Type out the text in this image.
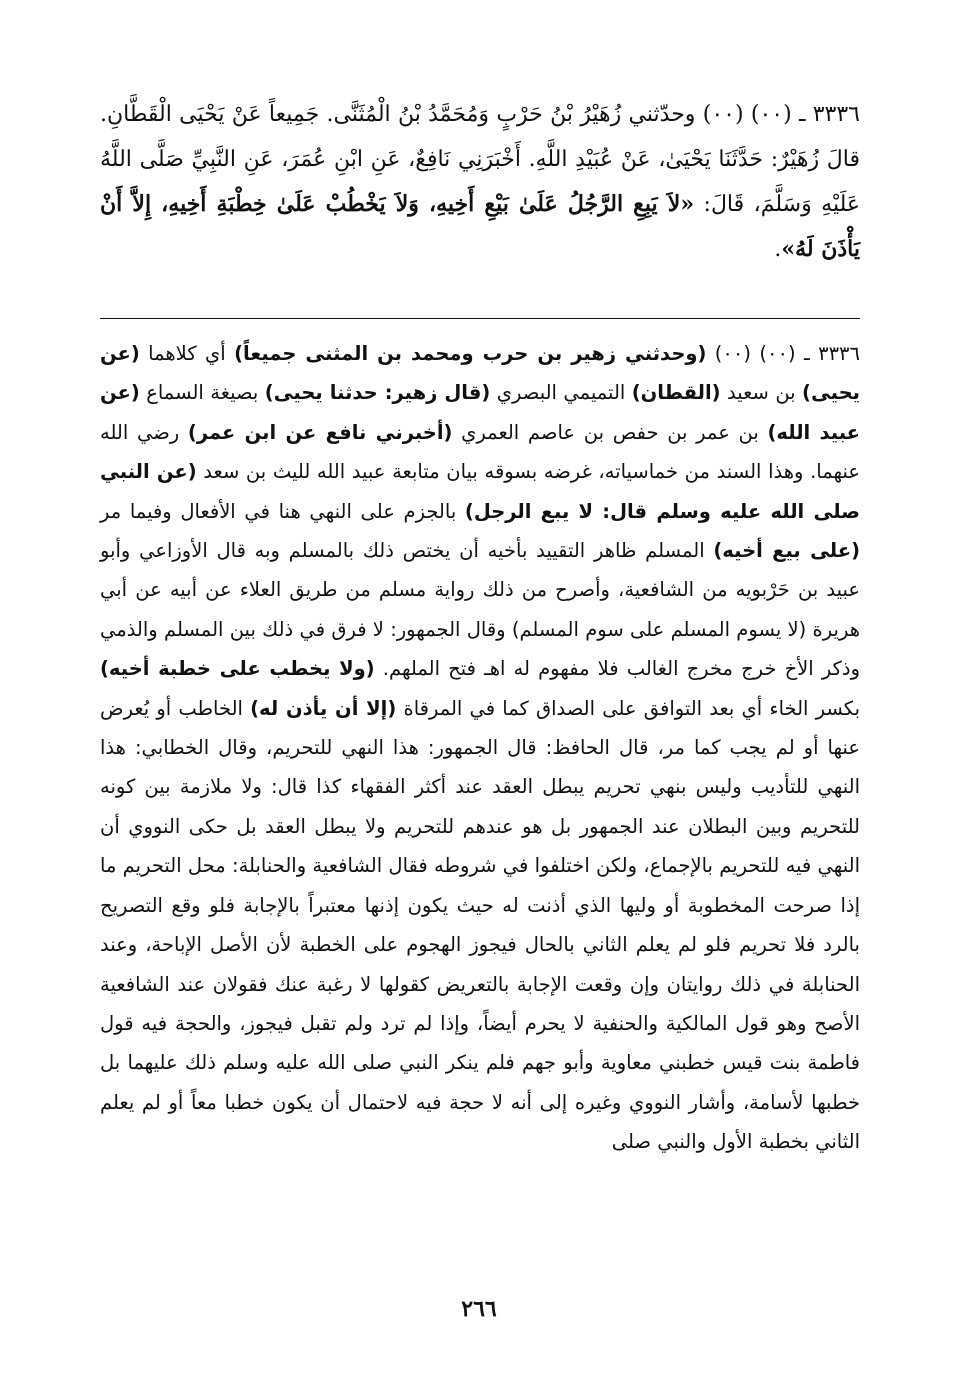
٣٣٣٦ ـ (٠٠) (٠٠) وحدّثني زُهَيْرُ بْنُ حَرْبٍ وَمُحَمَّدُ بْنُ الْمُثَنَّى. جَمِيعاً عَنْ يَحْيَى الْقَطَّانِ. قالَ زُهَيْرٌ: حَدَّثَنَا يَحْيَىٰ، عَنْ عُبَيْدِ اللَّهِ. أَخْبَرَنِي نَافِعٌ، عَنِ ابْنِ عُمَرَ، عَنِ النَّبِيِّ صَلَّى اللَّهُ عَلَيْهِ وَسَلَّمَ، قَالَ: «لاَ يَبِعِ الرَّجُلُ عَلَىٰ بَيْعِ أَخِيهِ، وَلاَ يَخْطُبْ عَلَىٰ خِطْبَةِ أَخِيهِ، إِلاَّ أَنْ يَأْذَنَ لَهُ».
٣٣٣٦ ـ (٠٠) (٠٠) (وحدثني زهير بن حرب ومحمد بن المثنى جميعاً) أي كلاهما (عن يحيى) بن سعيد (القطان) التميمي البصري (قال زهير: حدثنا يحيى) بصيغة السماع (عن عبيد الله) بن عمر بن حفص بن عاصم العمري (أخبرني نافع عن ابن عمر) رضي الله عنهما. وهذا السند من خماسياته، غرضه بسوقه بيان متابعة عبيد الله لليث بن سعد (عن النبي صلى الله عليه وسلم قال: لا يبع الرجل) بالجزم على النهي هنا في الأفعال وفيما مر (على بيع أخيه) المسلم ظاهر التقييد بأخيه أن يختص ذلك بالمسلم وبه قال الأوزاعي وأبو عبيد بن حَرْبويه من الشافعية، وأصرح من ذلك رواية مسلم من طريق العلاء عن أبيه عن أبي هريرة (لا يسوم المسلم على سوم المسلم) وقال الجمهور: لا فرق في ذلك بين المسلم والذمي وذكر الأخ خرج مخرج الغالب فلا مفهوم له اهـ فتح الملهم. (ولا يخطب على خطبة أخيه) بكسر الخاء أي بعد التوافق على الصداق كما في المرقاة (إلا أن يأذن له) الخاطب أو يُعرض عنها أو لم يجب كما مر، قال الحافظ: قال الجمهور: هذا النهي للتحريم، وقال الخطابي: هذا النهي للتأديب وليس بنهي تحريم يبطل العقد عند أكثر الفقهاء كذا قال: ولا ملازمة بين كونه للتحريم وبين البطلان عند الجمهور بل هو عندهم للتحريم ولا يبطل العقد بل حكى النووي أن النهي فيه للتحريم بالإجماع، ولكن اختلفوا في شروطه فقال الشافعية والحنابلة: محل التحريم ما إذا صرحت المخطوبة أو وليها الذي أذنت له حيث يكون إذنها معتبراً بالإجابة فلو وقع التصريح بالرد فلا تحريم فلو لم يعلم الثاني بالحال فيجوز الهجوم على الخطبة لأن الأصل الإباحة، وعند الحنابلة في ذلك روايتان وإن وقعت الإجابة بالتعريض كقولها لا رغبة عنك فقولان عند الشافعية الأصح وهو قول المالكية والحنفية لا يحرم أيضاً، وإذا لم ترد ولم تقبل فيجوز، والحجة فيه قول فاطمة بنت قيس خطبني معاوية وأبو جهم فلم ينكر النبي صلى الله عليه وسلم ذلك عليهما بل خطبها لأسامة، وأشار النووي وغيره إلى أنه لا حجة فيه لاحتمال أن يكون خطبا معاً أو لم يعلم الثاني بخطبة الأول والنبي صلى
٢٦٦
